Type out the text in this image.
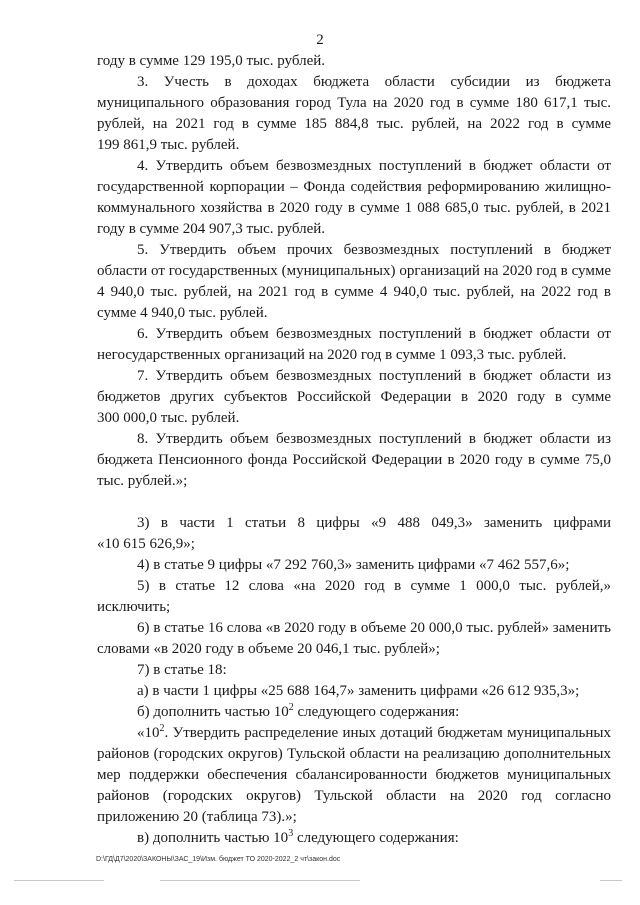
2
году в сумме 129 195,0 тыс. рублей.
3. Учесть в доходах бюджета области субсидии из бюджета
муниципального образования город Тула на 2020 год в сумме 180 617,1 тыс.
рублей, на 2021 год в сумме 185 884,8 тыс. рублей, на 2022 год в сумме
199 861,9 тыс. рублей.
4. Утвердить объем безвозмездных поступлений в бюджет области от
государственной корпорации – Фонда содействия реформированию жилищно-
коммунального хозяйства в 2020 году в сумме 1 088 685,0 тыс. рублей, в 2021
году в сумме 204 907,3 тыс. рублей.
5. Утвердить объем прочих безвозмездных поступлений в бюджет
области от государственных (муниципальных) организаций на 2020 год в сумме
4 940,0 тыс. рублей, на 2021 год в сумме 4 940,0 тыс. рублей, на 2022 год в
сумме 4 940,0 тыс. рублей.
6. Утвердить объем безвозмездных поступлений в бюджет области от
негосударственных организаций на 2020 год в сумме 1 093,3 тыс. рублей.
7. Утвердить объем безвозмездных поступлений в бюджет области из
бюджетов других субъектов Российской Федерации в 2020 году в сумме
300 000,0 тыс. рублей.
8. Утвердить объем безвозмездных поступлений в бюджет области из
бюджета Пенсионного фонда Российской Федерации в 2020 году в сумме 75,0
тыс. рублей.»;
3) в части 1 статьи 8 цифры «9 488 049,3» заменить цифрами
«10 615 626,9»;
4) в статье 9 цифры «7 292 760,3» заменить цифрами «7 462 557,6»;
5) в статье 12 слова «на 2020 год в сумме 1 000,0 тыс. рублей,»
исключить;
6) в статье 16 слова «в 2020 году в объеме 20 000,0 тыс. рублей» заменить
словами «в 2020 году в объеме 20 046,1 тыс. рублей»;
7) в статье 18:
а) в части 1 цифры «25 688 164,7» заменить цифрами «26 612 935,3»;
б) дополнить частью $10^2$ следующего содержания:
«$10^2$. Утвердить распределение иных дотаций бюджетам муниципальных
районов (городских округов) Тульской области на реализацию дополнительных
мер поддержки обеспечения сбалансированности бюджетов муниципальных
районов (городских округов) Тульской области на 2020 год согласно
приложению 20 (таблица 73).»;
в) дополнить частью $10^3$ следующего содержания:
D:\ГД\Д7\2020\ЗАКОНЫ\ЗАС_19\Изм. бюджет ТО 2020-2022_2 чт\закон.doc
